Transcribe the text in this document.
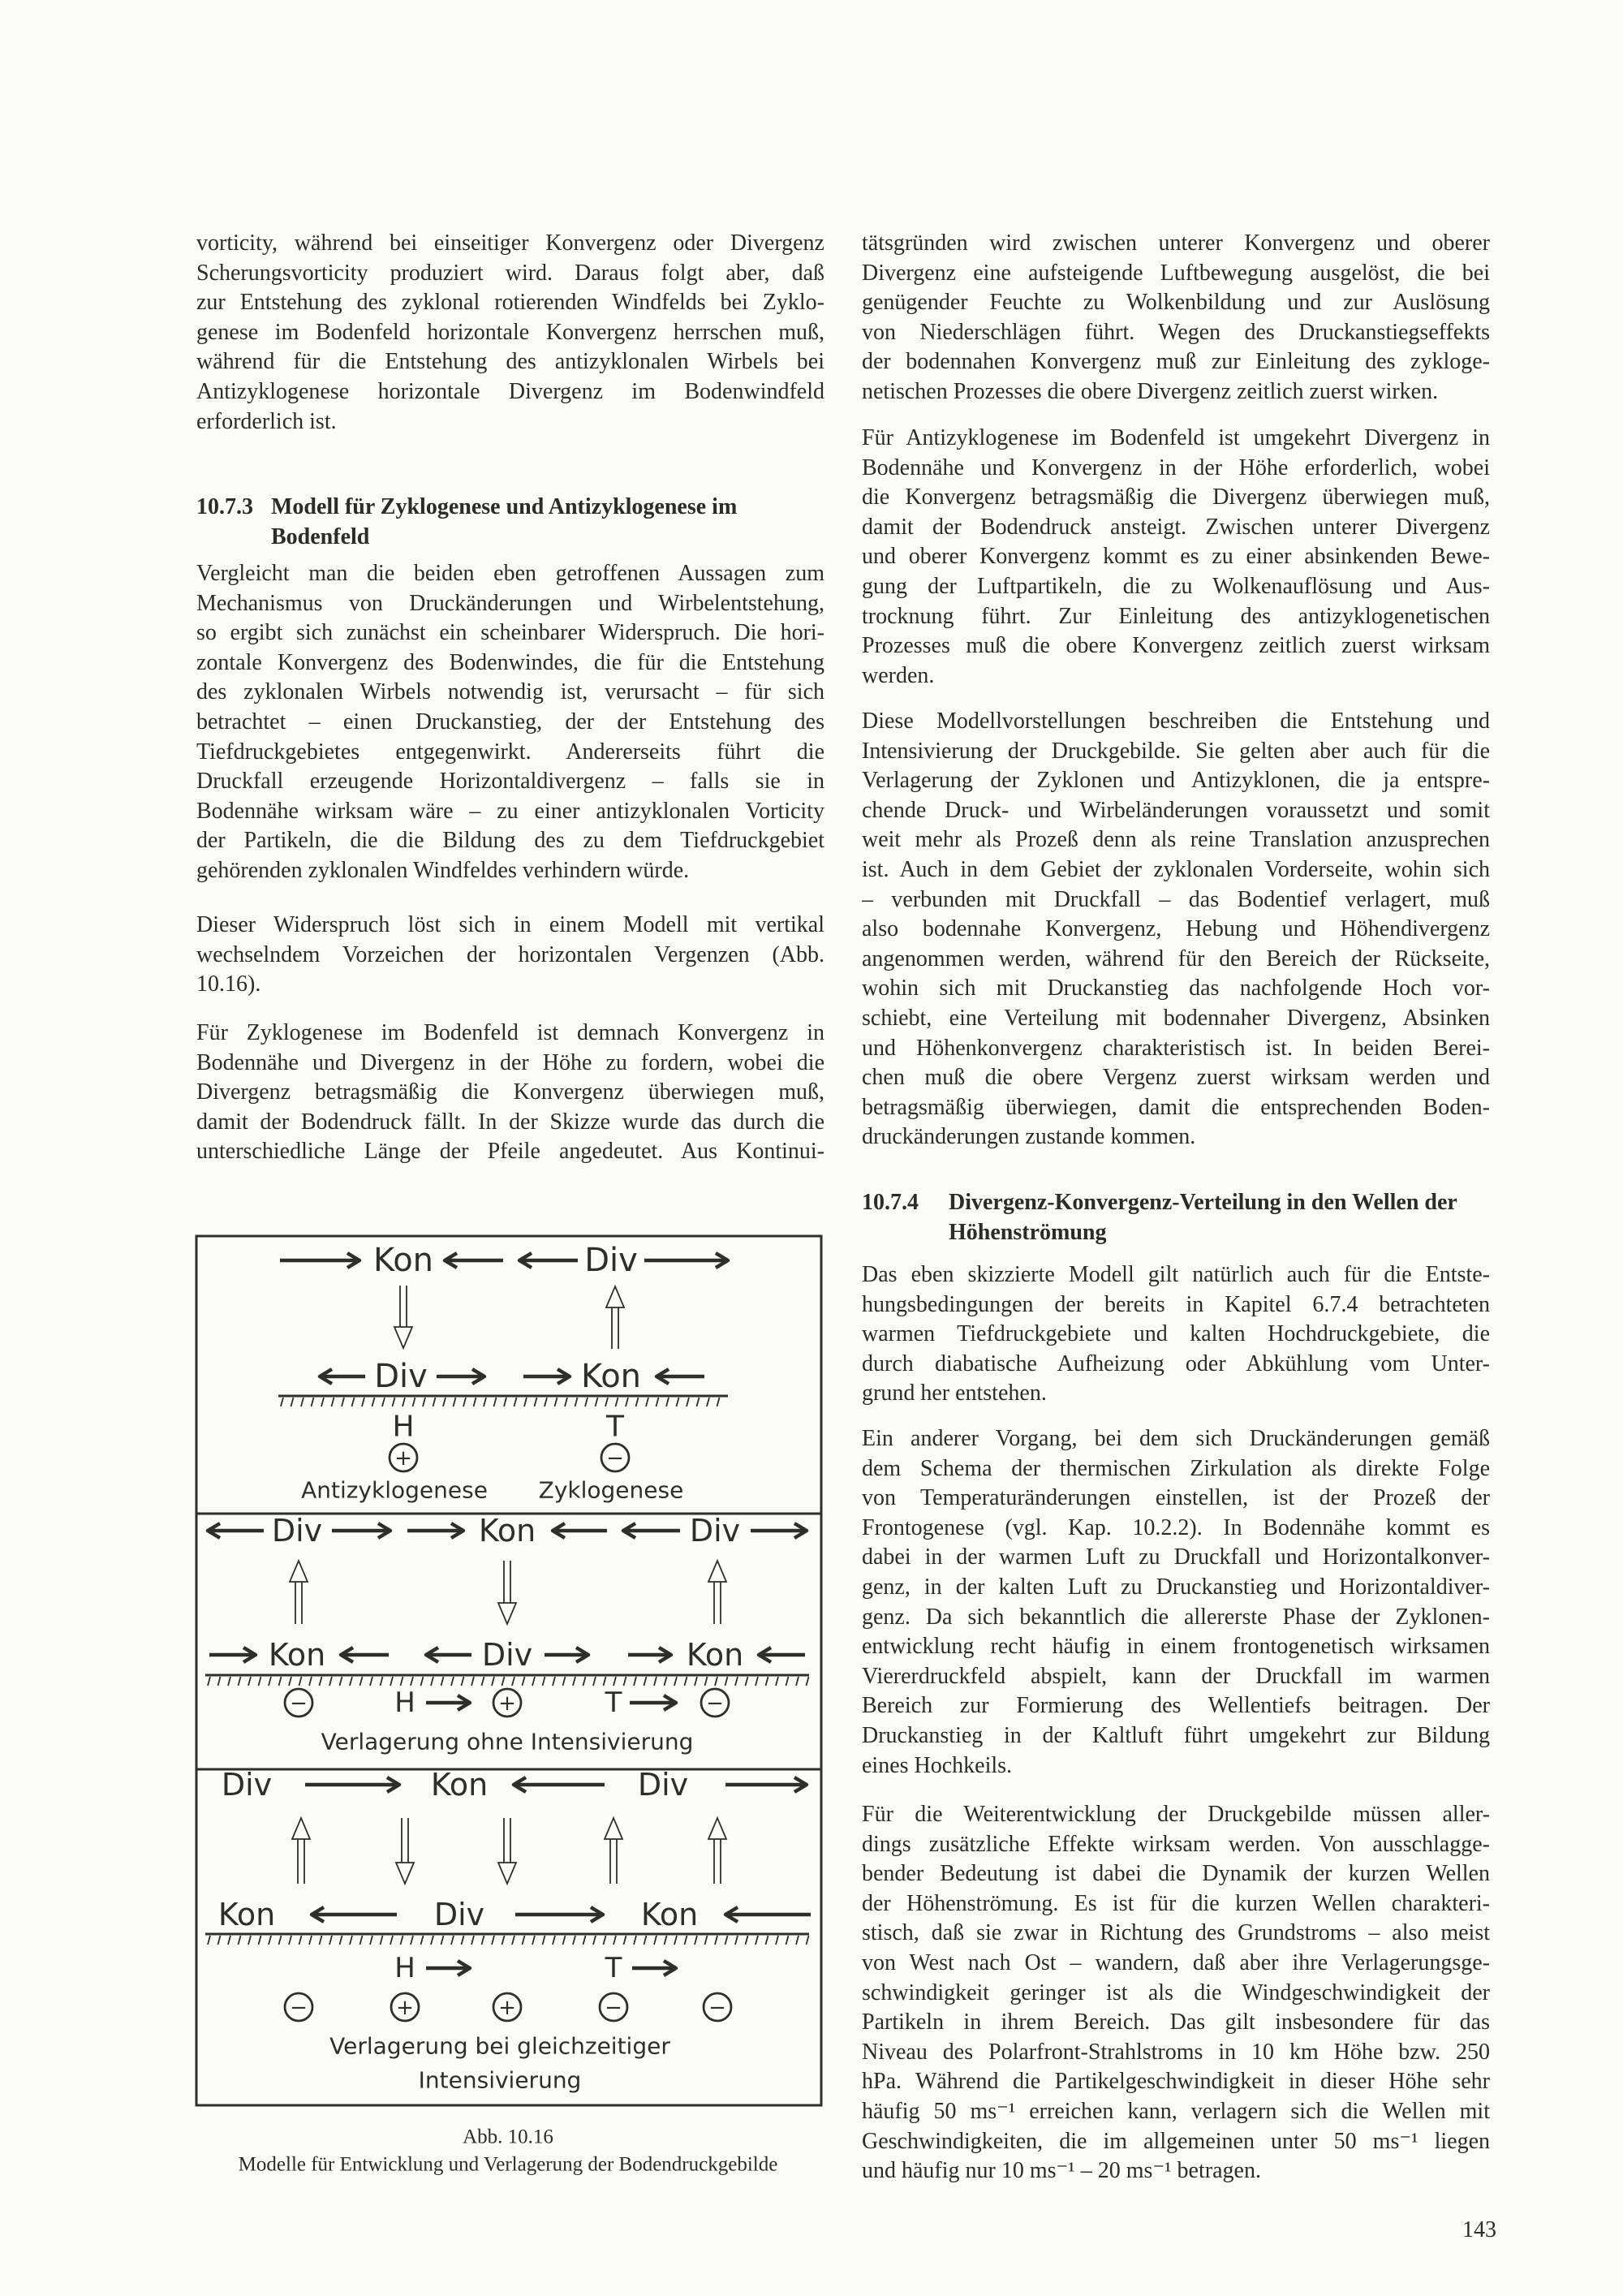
vorticity, während bei einseitiger Konvergenz oder Divergenz
Scherungsvorticity produziert wird. Daraus folgt aber, daß
zur Entstehung des zyklonal rotierenden Windfelds bei Zyklo-
genese im Bodenfeld horizontale Konvergenz herrschen muß,
während für die Entstehung des antizyklonalen Wirbels bei
Antizyklogenese horizontale Divergenz im Bodenwindfeld
erforderlich ist.
10.7.3 Modell für Zyklogenese und Antizyklogenese im
Bodenfeld
Vergleicht man die beiden eben getroffenen Aussagen zum
Mechanismus von Druckänderungen und Wirbelentstehung,
so ergibt sich zunächst ein scheinbarer Widerspruch. Die hori-
zontale Konvergenz des Bodenwindes, die für die Entstehung
des zyklonalen Wirbels notwendig ist, verursacht – für sich
betrachtet – einen Druckanstieg, der der Entstehung des
Tiefdruckgebietes entgegenwirkt. Andererseits führt die
Druckfall erzeugende Horizontaldivergenz – falls sie in
Bodennähe wirksam wäre – zu einer antizyklonalen Vorticity
der Partikeln, die die Bildung des zu dem Tiefdruckgebiet
gehörenden zyklonalen Windfeldes verhindern würde.
Dieser Widerspruch löst sich in einem Modell mit vertikal
wechselndem Vorzeichen der horizontalen Vergenzen (Abb.
10.16).
Für Zyklogenese im Bodenfeld ist demnach Konvergenz in
Bodennähe und Divergenz in der Höhe zu fordern, wobei die
Divergenz betragsmäßig die Konvergenz überwiegen muß,
damit der Bodendruck fällt. In der Skizze wurde das durch die
unterschiedliche Länge der Pfeile angedeutet. Aus Kontinui-
tätsgründen wird zwischen unterer Konvergenz und oberer
Divergenz eine aufsteigende Luftbewegung ausgelöst, die bei
genügender Feuchte zu Wolkenbildung und zur Auslösung
von Niederschlägen führt. Wegen des Druckanstiegseffekts
der bodennahen Konvergenz muß zur Einleitung des zykloge-
netischen Prozesses die obere Divergenz zeitlich zuerst wirken.
Für Antizyklogenese im Bodenfeld ist umgekehrt Divergenz in
Bodennähe und Konvergenz in der Höhe erforderlich, wobei
die Konvergenz betragsmäßig die Divergenz überwiegen muß,
damit der Bodendruck ansteigt. Zwischen unterer Divergenz
und oberer Konvergenz kommt es zu einer absinkenden Bewe-
gung der Luftpartikeln, die zu Wolkenauflösung und Aus-
trocknung führt. Zur Einleitung des antizyklogenetischen
Prozesses muß die obere Konvergenz zeitlich zuerst wirksam
werden.
Diese Modellvorstellungen beschreiben die Entstehung und
Intensivierung der Druckgebilde. Sie gelten aber auch für die
Verlagerung der Zyklonen und Antizyklonen, die ja entspre-
chende Druck- und Wirbeländerungen voraussetzt und somit
weit mehr als Prozeß denn als reine Translation anzusprechen
ist. Auch in dem Gebiet der zyklonalen Vorderseite, wohin sich
– verbunden mit Druckfall – das Bodentief verlagert, muß
also bodennahe Konvergenz, Hebung und Höhendivergenz
angenommen werden, während für den Bereich der Rückseite,
wohin sich mit Druckanstieg das nachfolgende Hoch vor-
schiebt, eine Verteilung mit bodennaher Divergenz, Absinken
und Höhenkonvergenz charakteristisch ist. In beiden Berei-
chen muß die obere Vergenz zuerst wirksam werden und
betragsmäßig überwiegen, damit die entsprechenden Boden-
druckänderungen zustande kommen.
10.7.4 Divergenz-Konvergenz-Verteilung in den Wellen der
Höhenströmung
Das eben skizzierte Modell gilt natürlich auch für die Entste-
hungsbedingungen der bereits in Kapitel 6.7.4 betrachteten
warmen Tiefdruckgebiete und kalten Hochdruckgebiete, die
durch diabatische Aufheizung oder Abkühlung vom Unter-
grund her entstehen.
Ein anderer Vorgang, bei dem sich Druckänderungen gemäß
dem Schema der thermischen Zirkulation als direkte Folge
von Temperaturänderungen einstellen, ist der Prozeß der
Frontogenese (vgl. Kap. 10.2.2). In Bodennähe kommt es
dabei in der warmen Luft zu Druckfall und Horizontalkonver-
genz, in der kalten Luft zu Druckanstieg und Horizontaldiver-
genz. Da sich bekanntlich die allererste Phase der Zyklonen-
entwicklung recht häufig in einem frontogenetisch wirksamen
Viererdruckfeld abspielt, kann der Druckfall im warmen
Bereich zur Formierung des Wellentiefs beitragen. Der
Druckanstieg in der Kaltluft führt umgekehrt zur Bildung
eines Hochkeils.
Für die Weiterentwicklung der Druckgebilde müssen aller-
dings zusätzliche Effekte wirksam werden. Von ausschlagge-
bender Bedeutung ist dabei die Dynamik der kurzen Wellen
der Höhenströmung. Es ist für die kurzen Wellen charakteri-
stisch, daß sie zwar in Richtung des Grundstroms – also meist
von West nach Ost – wandern, daß aber ihre Verlagerungsge-
schwindigkeit geringer ist als die Windgeschwindigkeit der
Partikeln in ihrem Bereich. Das gilt insbesondere für das
Niveau des Polarfront-Strahlstroms in 10 km Höhe bzw. 250
hPa. Während die Partikelgeschwindigkeit in dieser Höhe sehr
häufig 50 ms⁻¹ erreichen kann, verlagern sich die Wellen mit
Geschwindigkeiten, die im allgemeinen unter 50 ms⁻¹ liegen
und häufig nur 10 ms⁻¹ – 20 ms⁻¹ betragen.
143
Kon	Div
Div	Kon
H	T
+	−
Antizyklogenese Zyklogenese
Div
Kon
Kon
Div
Div
Kon
H	T
−	+	−
Verlagerung ohne Intensivierung
Div	Kon	Div
Kon	Div	Kon
H	T
−	+	+	−	−
Verlagerung bei gleichzeitiger
Intensivierung
Abb. 10.16
Modelle für Entwicklung und Verlagerung der Bodendruckgebilde
